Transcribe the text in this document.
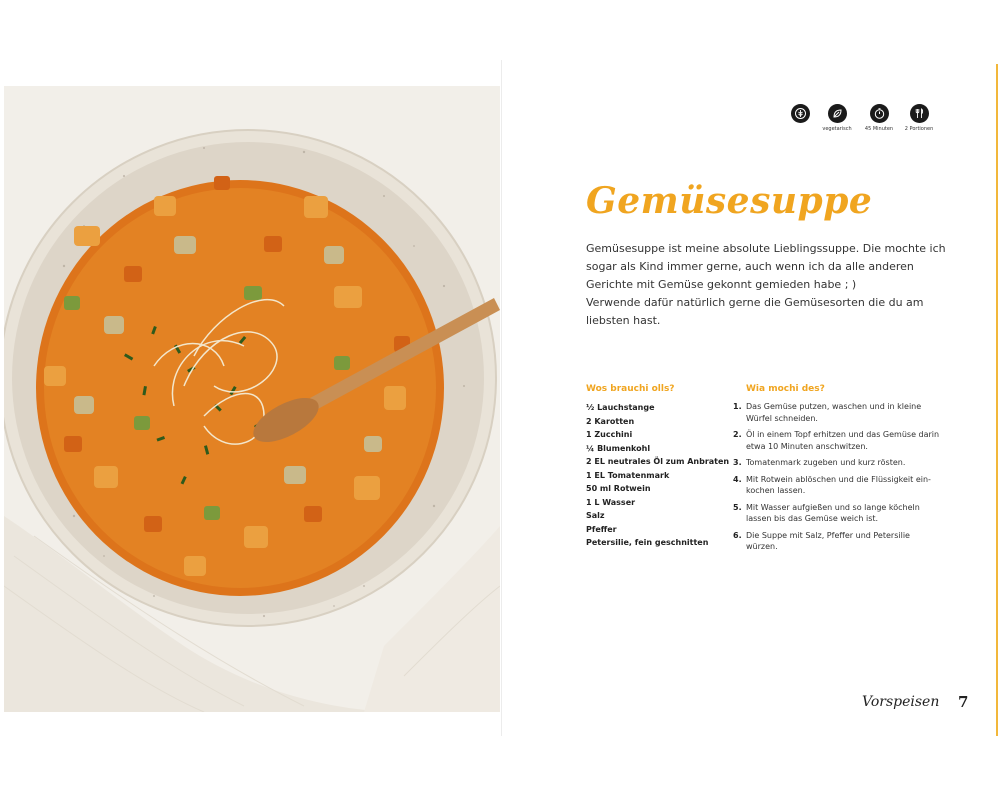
vegetarisch	45 Minuten	2 Portionen
Gemüsesuppe

Gemüsesuppe ist meine absolute Lieblingssuppe. Die mochte ich sogar als Kind immer gerne, auch wenn ich da alle anderen Gerichte mit Gemüse gekonnt gemieden habe ; )

Verwende dafür natürlich gerne die Gemüsesorten die du am liebsten hast.

Wos brauchi olls?
½ Lauchstange
2 Karotten
1 Zucchini
¼ Blumenkohl
2 EL neutrales Öl zum Anbraten
1 EL Tomatenmark
50 ml Rotwein
1 L Wasser
Salz
Pfeffer
Petersilie, fein geschnitten
Wia mochi des?
1. Das Gemüse putzen, waschen und in kleine Würfel schneiden.
2. Öl in einem Topf erhitzen und das Gemüse darin etwa 10 Minuten anschwitzen.
3. Tomatenmark zugeben und kurz rösten.
4. Mit Rotwein ablöschen und die Flüssigkeit ein-kochen lassen.
5. Mit Wasser aufgießen und so lange köcheln lassen bis das Gemüse weich ist.
6. Die Suppe mit Salz, Pfeffer und Petersilie würzen.

Vorspeisen 7
